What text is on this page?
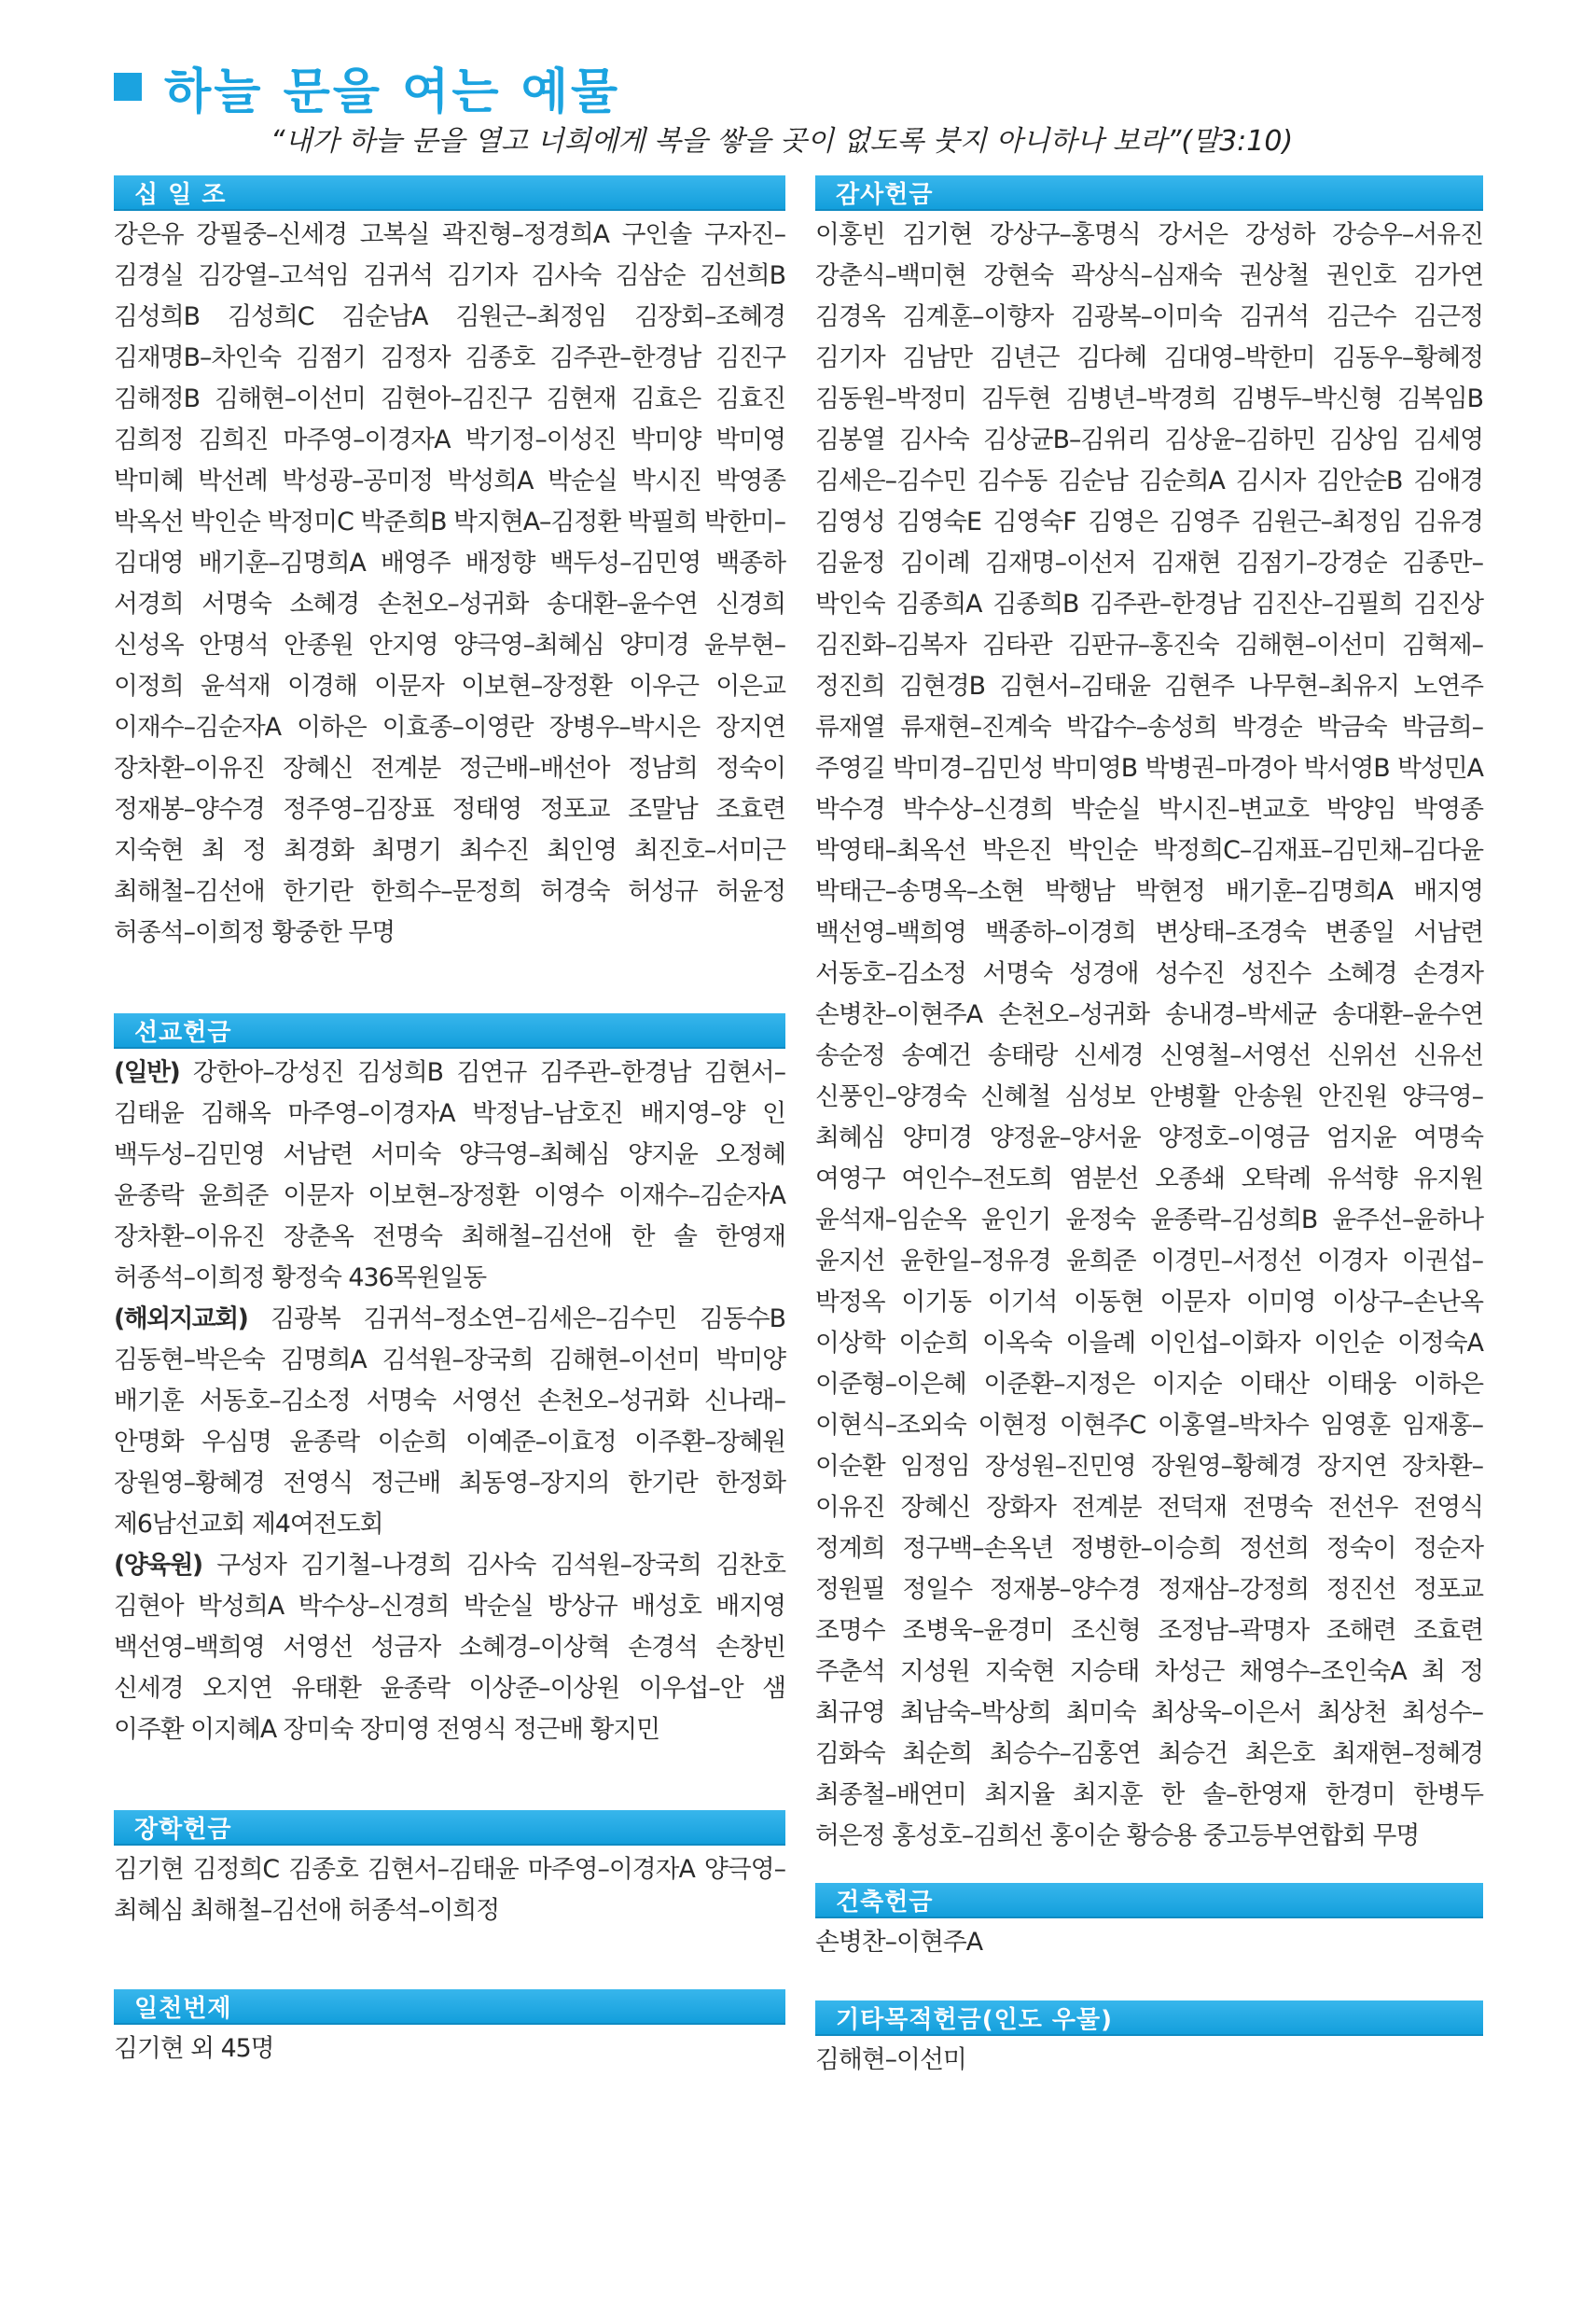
하늘 문을 여는 예물
“내가 하늘 문을 열고 너희에게 복을 쌓을 곳이 없도록 붓지 아니하나 보라”(말3:10)
십 일 조
강은유 강필중–신세경 고복실 곽진형–정경희A 구인솔 구자진–김경실 김강열–고석임 김귀석 김기자 김사숙 김삼순 김선희B 김성희B 김성희C 김순남A 김원근–최정임 김장회–조혜경 김재명B–차인숙 김점기 김정자 김종호 김주관–한경남 김진구 김해정B 김해현–이선미 김현아–김진구 김현재 김효은 김효진 김희정 김희진 마주영–이경자A 박기정–이성진 박미양 박미영 박미혜 박선례 박성광–공미정 박성희A 박순실 박시진 박영종 박옥선 박인순 박정미C 박준희B 박지현A–김정환 박필희 박한미–김대영 배기훈–김명희A 배영주 배정향 백두성–김민영 백종하 서경희 서명숙 소혜경 손천오–성귀화 송대환–윤수연 신경희 신성옥 안명석 안종원 안지영 양극영–최혜심 양미경 윤부현–이정희 윤석재 이경해 이문자 이보현–장정환 이우근 이은교 이재수–김순자A 이하은 이효종–이영란 장병우–박시은 장지연 장차환–이유진 장혜신 전계분 정근배–배선아 정남희 정숙이 정재봉–양수경 정주영–김장표 정태영 정포교 조말남 조효련 지숙현 최 정 최경화 최명기 최수진 최인영 최진호–서미근 최해철–김선애 한기란 한희수–문정희 허경숙 허성규 허윤정 허종석–이희정 황중한 무명
선교헌금
(일반) 강한아–강성진 김성희B 김연규 김주관–한경남 김현서–김태윤 김해옥 마주영–이경자A 박정남–남호진 배지영–양 인 백두성–김민영 서남련 서미숙 양극영–최혜심 양지윤 오정혜 윤종락 윤희준 이문자 이보현–장정환 이영수 이재수–김순자A 장차환–이유진 장춘옥 전명숙 최해철–김선애 한 솔 한영재 허종석–이희정 황정숙 436목원일동
(해외지교회) 김광복 김귀석–정소연–김세은–김수민 김동수B 김동현–박은숙 김명희A 김석원–장국희 김해현–이선미 박미양 배기훈 서동호–김소정 서명숙 서영선 손천오–성귀화 신나래–안명화 우심명 윤종락 이순희 이예준–이효정 이주환–장혜원 장원영–황혜경 전영식 정근배 최동영–장지의 한기란 한정화 제6남선교회 제4여전도회
(양육원) 구성자 김기철–나경희 김사숙 김석원–장국희 김찬호 김현아 박성희A 박수상–신경희 박순실 방상규 배성호 배지영 백선영–백희영 서영선 성금자 소혜경–이상혁 손경석 손창빈 신세경 오지연 유태환 윤종락 이상준–이상원 이우섭–안 샘 이주환 이지혜A 장미숙 장미영 전영식 정근배 황지민
장학헌금
김기현 김정희C 김종호 김현서–김태윤 마주영–이경자A 양극영–최혜심 최해철–김선애 허종석–이희정
일천번제
김기현 외 45명
감사헌금
이홍빈 김기현 강상구–홍명식 강서은 강성하 강승우–서유진 강춘식–백미현 강현숙 곽상식–심재숙 권상철 권인호 김가연 김경옥 김계훈–이향자 김광복–이미숙 김귀석 김근수 김근정 김기자 김남만 김년근 김다혜 김대영–박한미 김동우–황혜정 김동원–박정미 김두현 김병년–박경희 김병두–박신형 김복임B 김봉열 김사숙 김상균B–김위리 김상윤–김하민 김상임 김세영 김세은–김수민 김수동 김순남 김순희A 김시자 김안순B 김애경 김영성 김영숙E 김영숙F 김영은 김영주 김원근–최정임 김유경 김윤정 김이례 김재명–이선저 김재현 김점기–강경순 김종만–박인숙 김종희A 김종희B 김주관–한경남 김진산–김필희 김진상 김진화–김복자 김타관 김판규–홍진숙 김해현–이선미 김혁제–정진희 김현경B 김현서–김태윤 김현주 나무현–최유지 노연주 류재열 류재현–진계숙 박갑수–송성희 박경순 박금숙 박금희–주영길 박미경–김민성 박미영B 박병권–마경아 박서영B 박성민A 박수경 박수상–신경희 박순실 박시진–변교호 박양임 박영종 박영태–최옥선 박은진 박인순 박정희C–김재표–김민채–김다윤 박태근–송명옥–소현 박행남 박현정 배기훈–김명희A 배지영 백선영–백희영 백종하–이경희 변상태–조경숙 변종일 서남련 서동호–김소정 서명숙 성경애 성수진 성진수 소혜경 손경자 손병찬–이현주A 손천오–성귀화 송내경–박세균 송대환–윤수연 송순정 송예건 송태랑 신세경 신영철–서영선 신위선 신유선 신풍인–양경숙 신혜철 심성보 안병활 안송원 안진원 양극영–최혜심 양미경 양정윤–양서윤 양정호–이영금 엄지윤 여명숙 여영구 여인수–전도희 염분선 오종쇄 오탁례 유석향 유지원 윤석재–임순옥 윤인기 윤정숙 윤종락–김성희B 윤주선–윤하나 윤지선 윤한일–정유경 윤희준 이경민–서정선 이경자 이권섭–박정옥 이기동 이기석 이동현 이문자 이미영 이상구–손난옥 이상학 이순희 이옥숙 이을례 이인섭–이화자 이인순 이정숙A 이준형–이은혜 이준환–지정은 이지순 이태산 이태웅 이하은 이현식–조외숙 이현정 이현주C 이홍열–박차수 임영훈 임재홍–이순환 임정임 장성원–진민영 장원영–황혜경 장지연 장차환–이유진 장혜신 장화자 전계분 전덕재 전명숙 전선우 전영식 정계희 정구백–손옥년 정병한–이승희 정선희 정숙이 정순자 정원필 정일수 정재봉–양수경 정재삼–강정희 정진선 정포교 조명수 조병욱–윤경미 조신형 조정남–곽명자 조해련 조효련 주춘석 지성원 지숙현 지승태 차성근 채영수–조인숙A 최 정 최규영 최남숙–박상희 최미숙 최상욱–이은서 최상천 최성수–김화숙 최순희 최승수–김홍연 최승건 최은호 최재현–정혜경 최종철–배연미 최지율 최지훈 한 솔–한영재 한경미 한병두 허은정 홍성호–김희선 홍이순 황승용 중고등부연합회 무명
건축헌금
손병찬–이현주A
기타목적헌금(인도 우물)
김해현–이선미
